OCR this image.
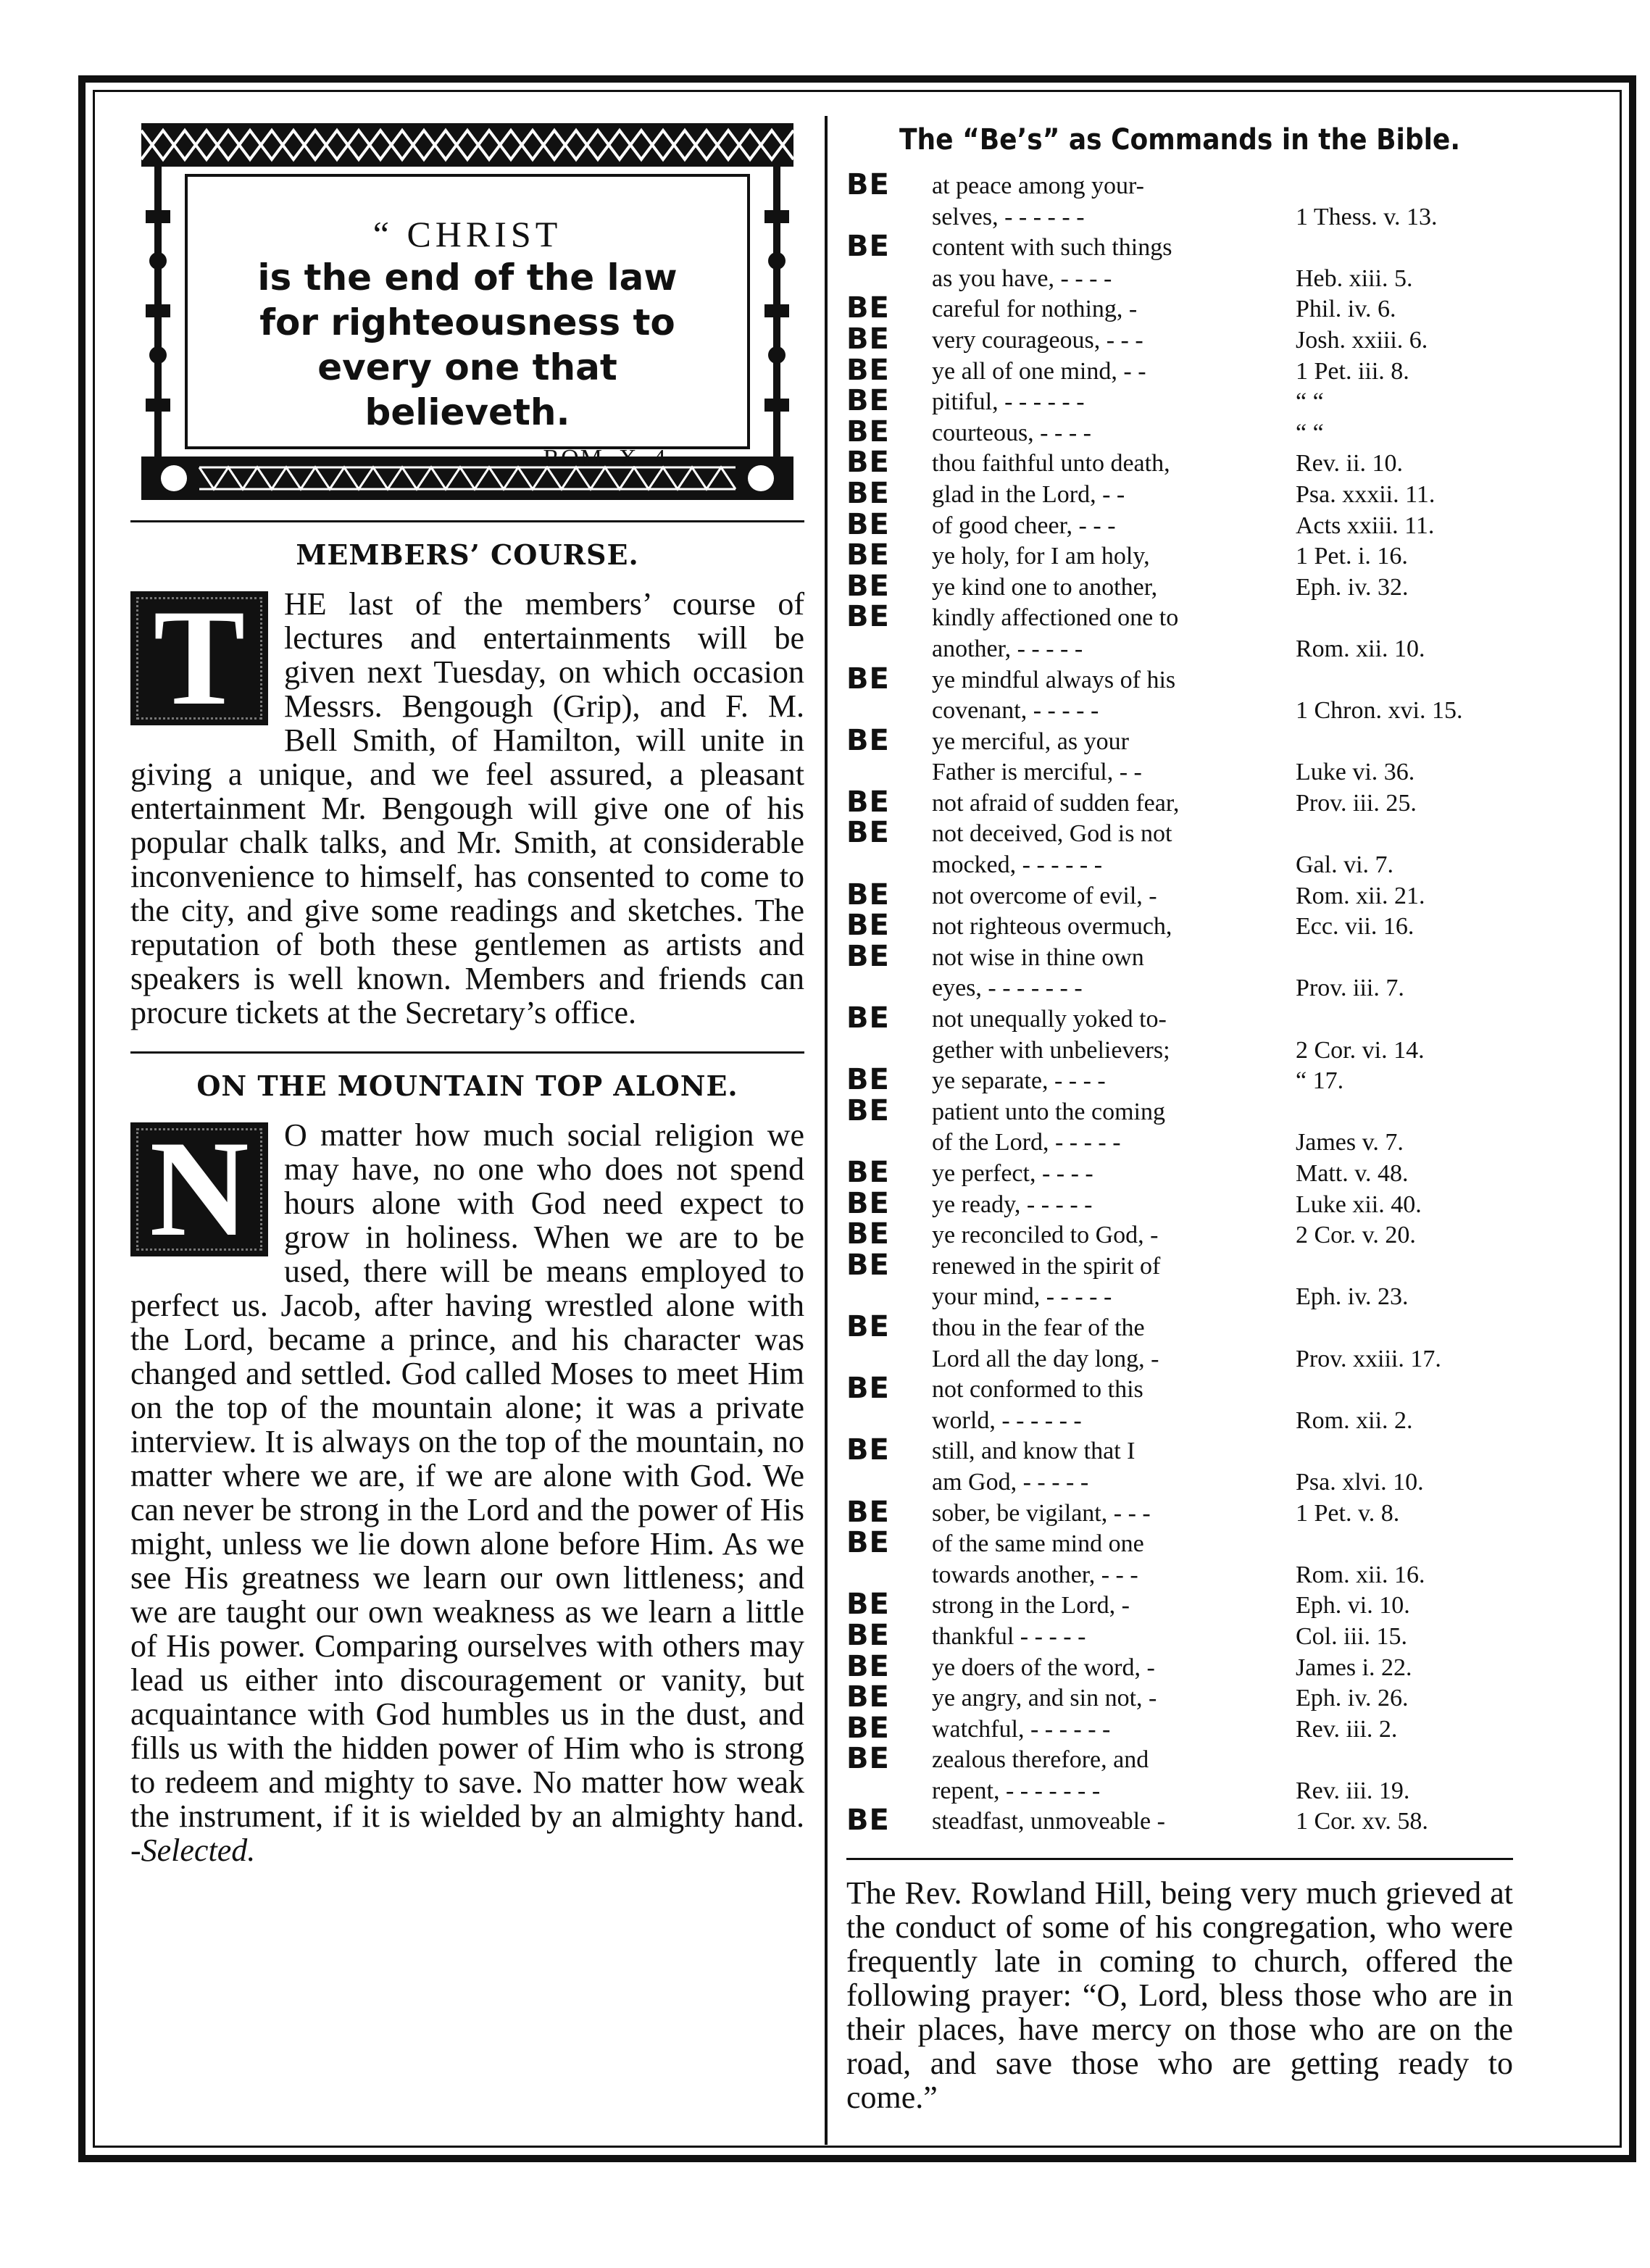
“ CHRIST
is the end of the law
for righteousness to
every one that believeth.
ROM. X. 4.
MEMBERS’ COURSE.
T	HE last of the members’ course of lectures and entertainments will be given next Tuesday, on which occasion Messrs. Bengough (Grip), and F. M. Bell Smith, of Hamilton, will unite in giving a unique, and we feel assured, a pleasant entertainment Mr. Bengough will give one of his popular chalk talks, and Mr. Smith, at considerable inconvenience to himself, has consented to come to the city, and give some readings and sketches. The reputation of both these gentlemen as artists and speakers is well known. Members and friends can procure tickets at the Secretary’s office.
ON THE MOUNTAIN TOP ALONE.
N	O matter how much social religion we may have, no one who does not spend hours alone with God need expect to grow in holiness. When we are to be used, there will be means employed to perfect us. Jacob, after having wrestled alone with the Lord, became a prince, and his character was changed and settled. God called Moses to meet Him on the top of the mountain alone; it was a private interview. It is always on the top of the mountain, no matter where we are, if we are alone with God. We can never be strong in the Lord and the power of His might, unless we lie down alone before Him. As we see His greatness we learn our own littleness; and we are taught our own weakness as we learn a little of His power. Comparing ourselves with others may lead us either into discouragement or vanity, but acquaintance with God humbles us in the dust, and fills us with the hidden power of Him who is strong to redeem and mighty to save. No matter how weak the instrument, if it is wielded by an almighty hand. -Selected.
The “Be’s” as Commands in the Bible.
BE at peace among your-
selves, - - - - - -	1 Thess. v. 13.
BE content with such things
as you have, - - - -	Heb. xiii. 5.
BE careful for nothing, -	Phil. iv. 6.
BE very courageous, - - -	Josh. xxiii. 6.
BE ye all of one mind, - -	1 Pet. iii. 8.
BE pitiful, - - - - - -	“ “
BE courteous, - - - -	“ “
BE thou faithful unto death,	Rev. ii. 10.
BE glad in the Lord, - -	Psa. xxxii. 11.
BE of good cheer, - - -	Acts xxiii. 11.
BE ye holy, for I am holy,	1 Pet. i. 16.
BE ye kind one to another,	Eph. iv. 32.
BE kindly affectioned one to
another, - - - - -	Rom. xii. 10.
BE ye mindful always of his
covenant, - - - - -	1 Chron. xvi. 15.
BE ye merciful, as your
Father is merciful, - -	Luke vi. 36.
BE not afraid of sudden fear,	Prov. iii. 25.
BE not deceived, God is not
mocked, - - - - - -	Gal. vi. 7.
BE not overcome of evil, -	Rom. xii. 21.
BE not righteous overmuch,	Ecc. vii. 16.
BE not wise in thine own
eyes, - - - - - - -	Prov. iii. 7.
BE not unequally yoked to-
gether with unbelievers;	2 Cor. vi. 14.
BE ye separate, - - - -	“ 17.
BE patient unto the coming
of the Lord, - - - - -	James v. 7.
BE ye perfect, - - - -	Matt. v. 48.
BE ye ready, - - - - -	Luke xii. 40.
BE ye reconciled to God, -	2 Cor. v. 20.
BE renewed in the spirit of
your mind, - - - - -	Eph. iv. 23.
BE thou in the fear of the
Lord all the day long, -	Prov. xxiii. 17.
BE not conformed to this
world, - - - - - -	Rom. xii. 2.
BE still, and know that I
am God, - - - - -	Psa. xlvi. 10.
BE sober, be vigilant, - - -	1 Pet. v. 8.
BE of the same mind one
towards another, - - -	Rom. xii. 16.
BE strong in the Lord, -	Eph. vi. 10.
BE thankful - - - - -	Col. iii. 15.
BE ye doers of the word, -	James i. 22.
BE ye angry, and sin not, -	Eph. iv. 26.
BE watchful, - - - - - -	Rev. iii. 2.
BE zealous therefore, and
repent, - - - - - - -	Rev. iii. 19.
BE steadfast, unmoveable -	1 Cor. xv. 58.
The Rev. Rowland Hill, being very much grieved at the conduct of some of his congregation, who were frequently late in coming to church, offered the following prayer: “O, Lord, bless those who are in their places, have mercy on those who are on the road, and save those who are getting ready to come.”
